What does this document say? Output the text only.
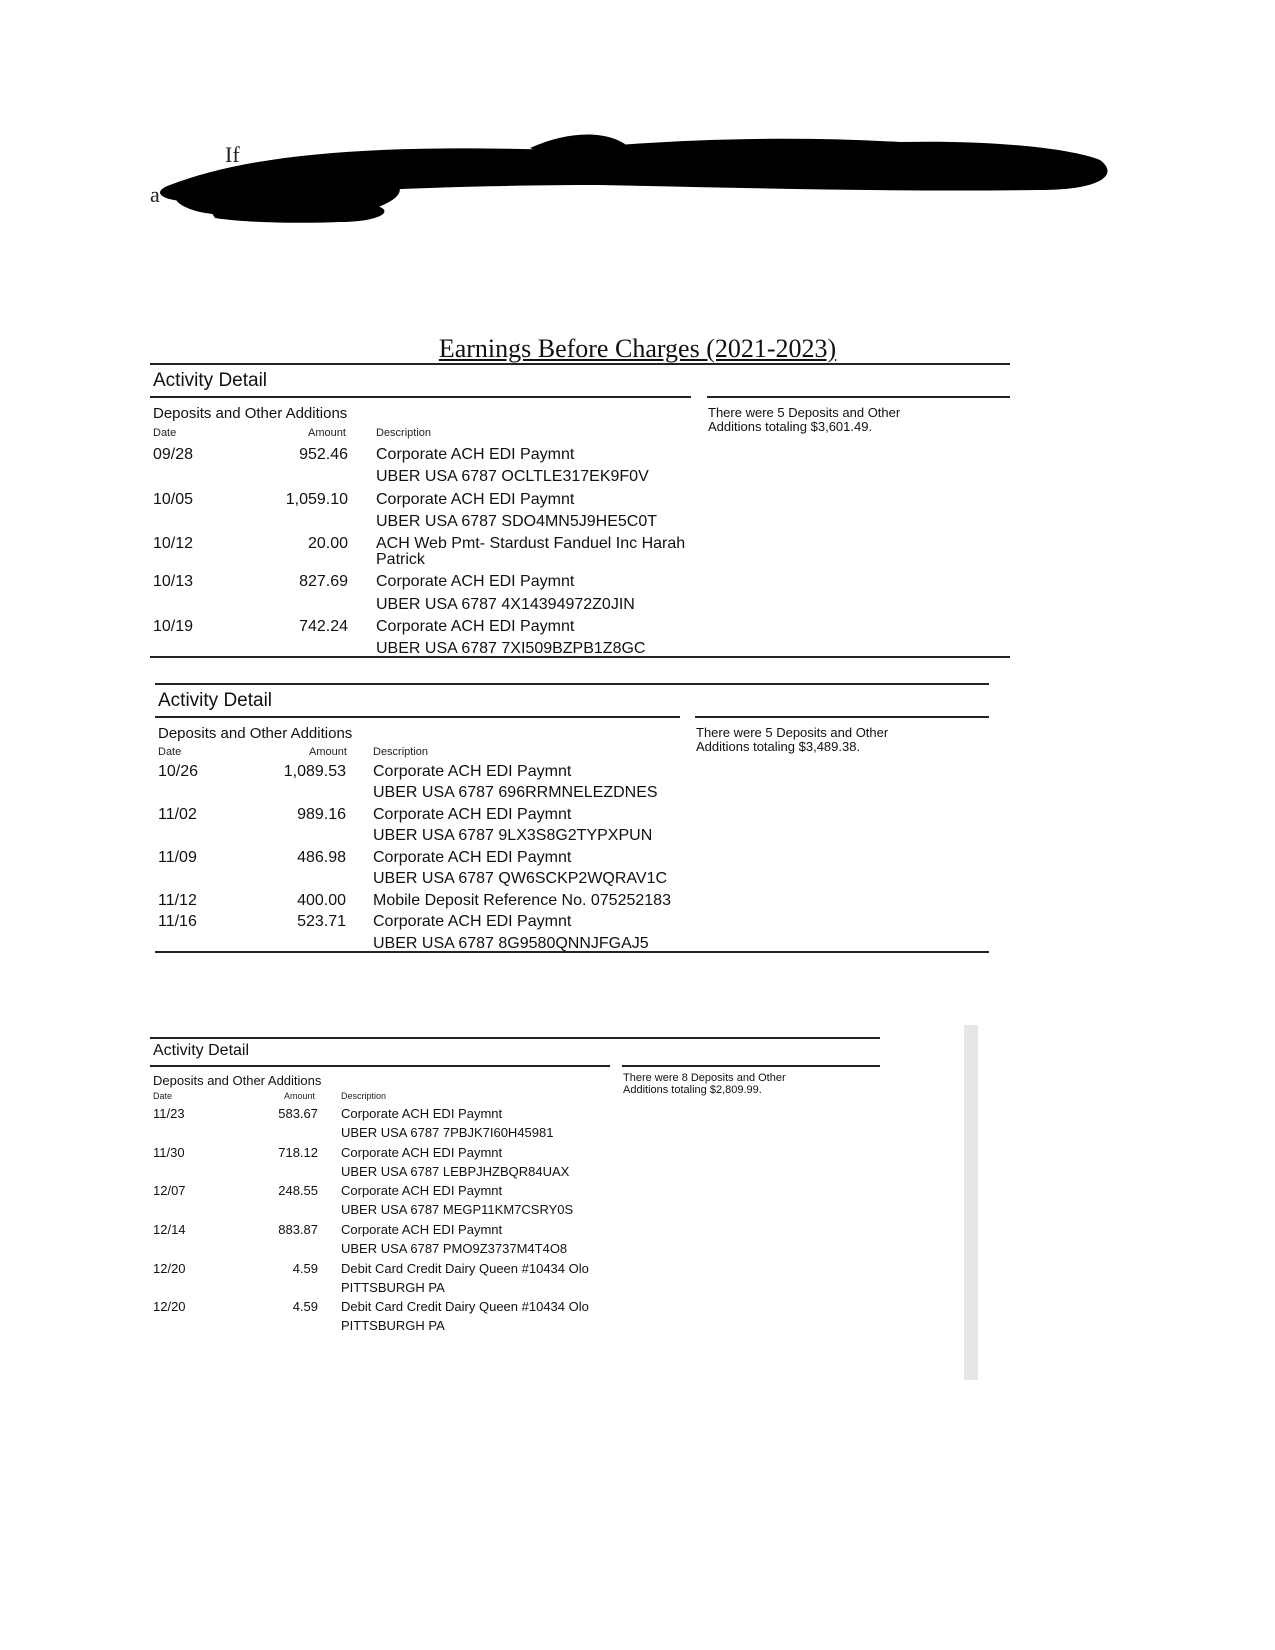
If
a
Earnings Before Charges (2021-2023)
Activity Detail
Deposits and Other Additions
Date	Amount	Description
There were 5 Deposits and Other Additions totaling $3,601.49.
09/28	952.46 Corporate ACH EDI Paymnt
UBER USA 6787 OCLTLE317EK9F0V
10/05	1,059.10 Corporate ACH EDI Paymnt
UBER USA 6787 SDO4MN5J9HE5C0T
10/12	20.00 ACH Web Pmt- Stardust Fanduel Inc Harah
Patrick
10/13	827.69 Corporate ACH EDI Paymnt
UBER USA 6787 4X14394972Z0JIN
10/19	742.24 Corporate ACH EDI Paymnt
UBER USA 6787 7XI509BZPB1Z8GC
Activity Detail
Deposits and Other Additions
Date	Amount Description
There were 5 Deposits and Other Additions totaling $3,489.38.
10/26	1,089.53 Corporate ACH EDI Paymnt
UBER USA 6787 696RRMNELEZDNES
11/02	989.16 Corporate ACH EDI Paymnt
UBER USA 6787 9LX3S8G2TYPXPUN
11/09	486.98 Corporate ACH EDI Paymnt
UBER USA 6787 QW6SCKP2WQRAV1C
11/12	400.00 Mobile Deposit Reference No. 075252183
11/16	523.71 Corporate ACH EDI Paymnt
UBER USA 6787 8G9580QNNJFGAJ5
Activity Detail
Deposits and Other Additions
Date	Amount	Description
There were 8 Deposits and Other Additions totaling $2,809.99.
11/23	583.67 Corporate ACH EDI Paymnt
UBER USA 6787 7PBJK7I60H45981
11/30	718.12 Corporate ACH EDI Paymnt
UBER USA 6787 LEBPJHZBQR84UAX
12/07	248.55 Corporate ACH EDI Paymnt
UBER USA 6787 MEGP11KM7CSRY0S
12/14	883.87 Corporate ACH EDI Paymnt
UBER USA 6787 PMO9Z3737M4T4O8
12/20	4.59 Debit Card Credit Dairy Queen #10434 Olo
PITTSBURGH PA
12/20	4.59 Debit Card Credit Dairy Queen #10434 Olo
PITTSBURGH PA
